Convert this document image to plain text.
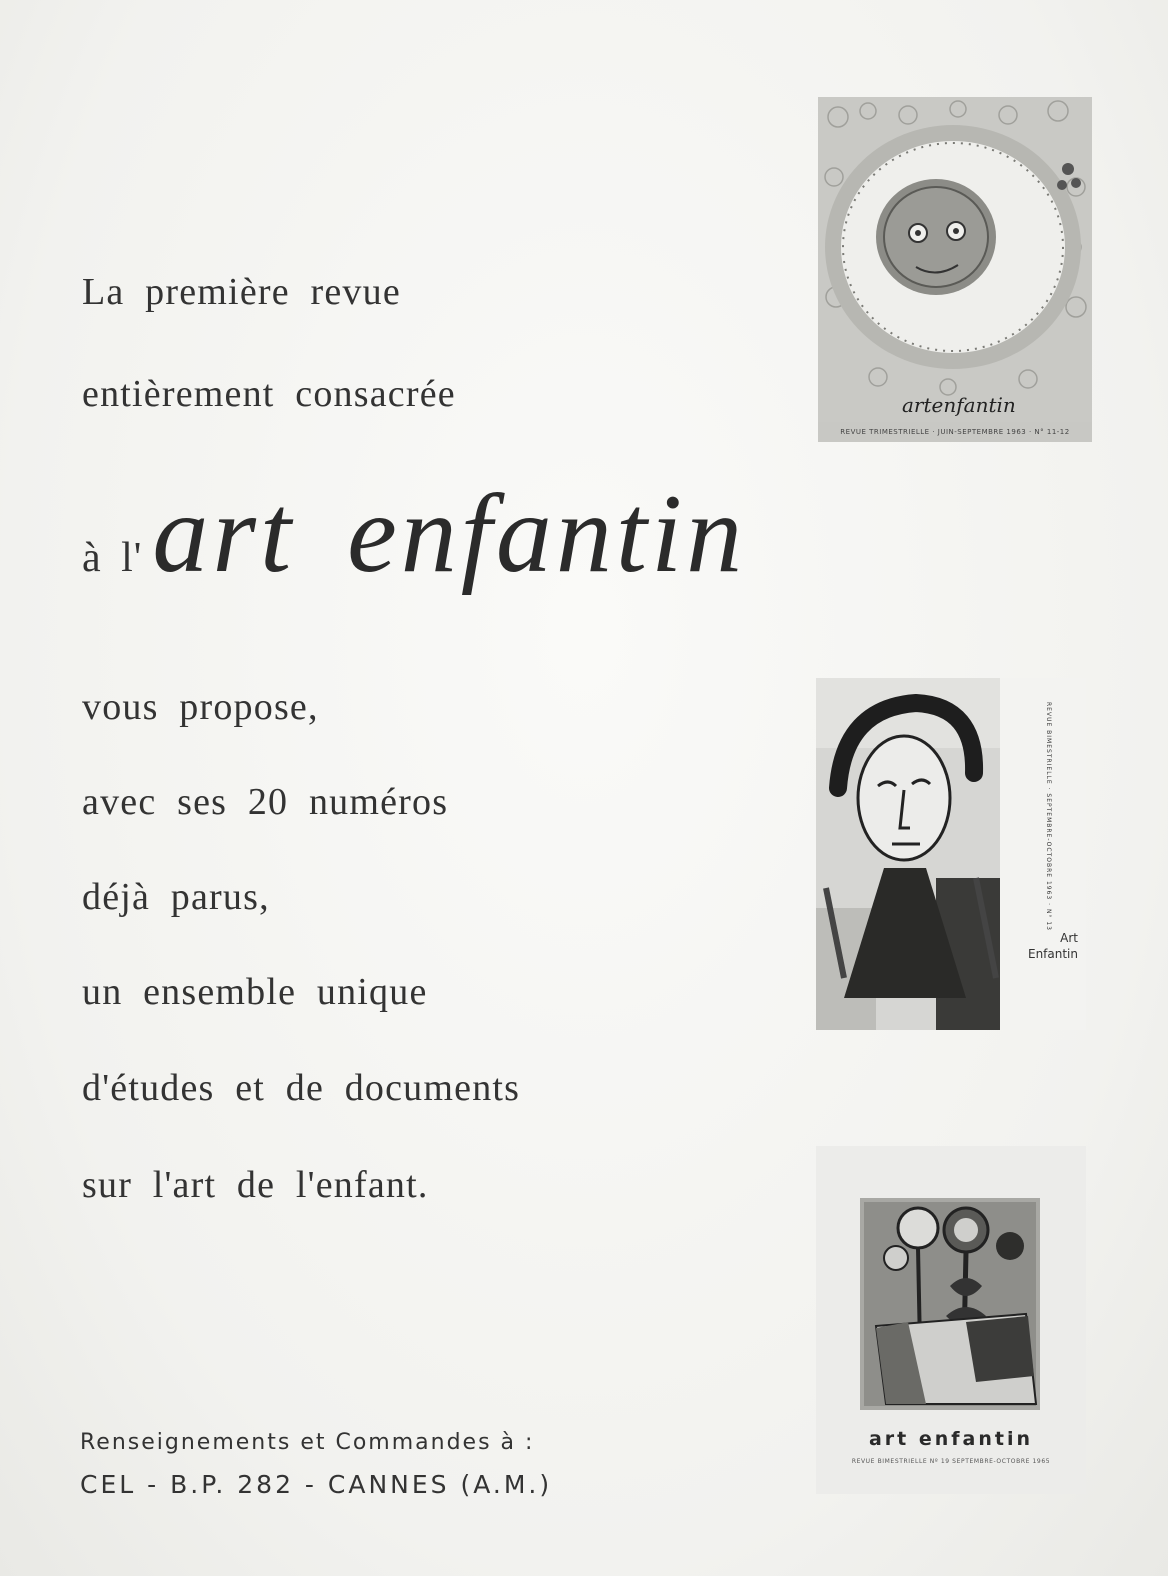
La première revue
entièrement consacrée
à l' art enfantin
vous propose,
avec ses 20 numéros
déjà parus,
un ensemble unique
d'études et de documents
sur l'art de l'enfant.
Renseignements et Commandes à :
CEL - B.P. 282 - CANNES (A.M.)
artenfantin
REVUE TRIMESTRIELLE · JUIN-SEPTEMBRE 1963 · N° 11-12
REVUE BIMESTRIELLE · SEPTEMBRE-OCTOBRE 1963 · N° 13
Art
Enfantin
art enfantin
REVUE BIMESTRIELLE Nº 19 SEPTEMBRE-OCTOBRE 1965
